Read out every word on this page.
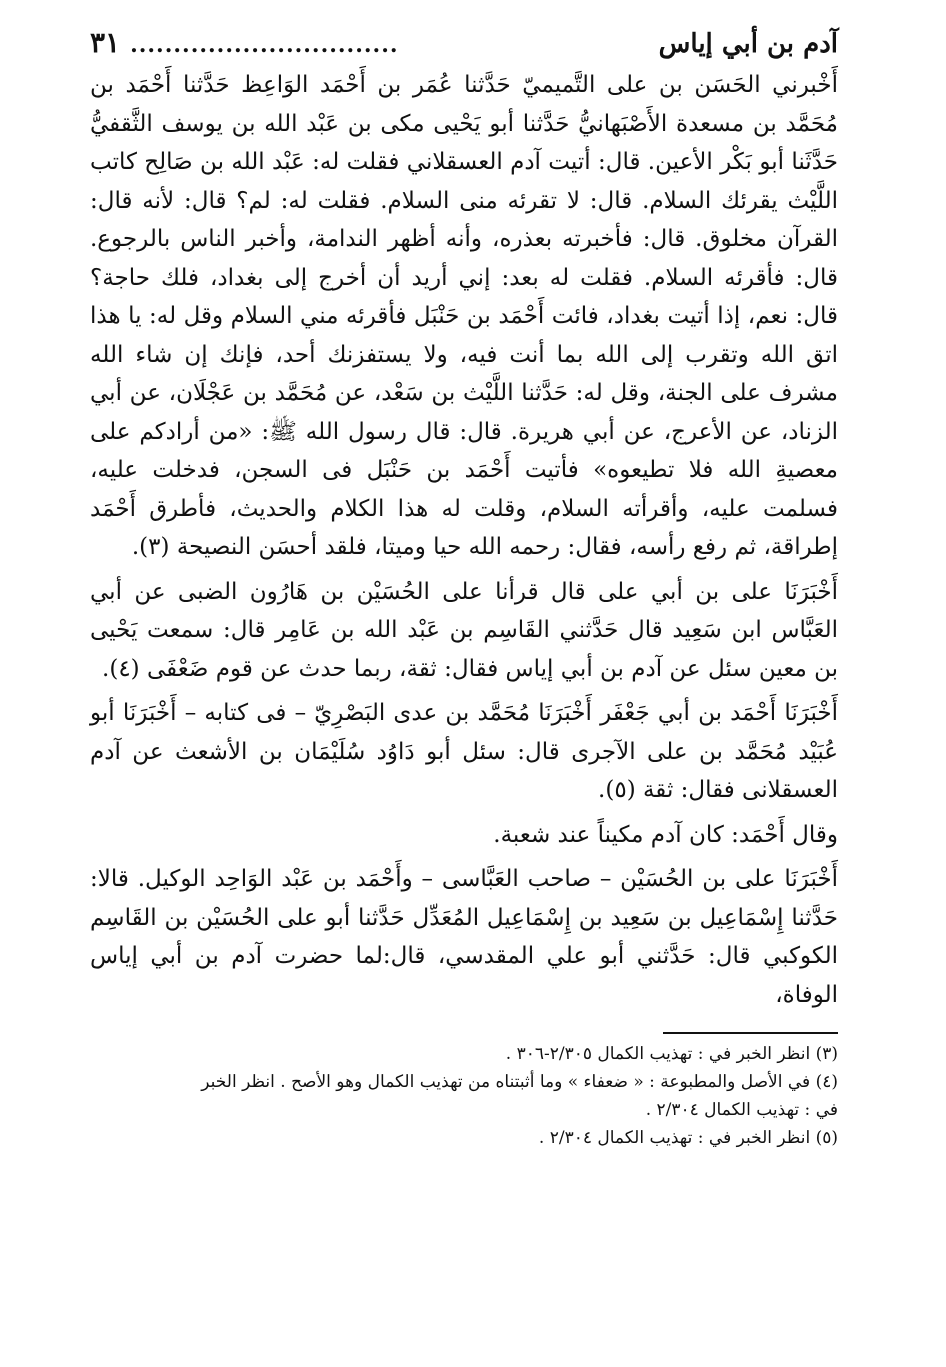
آدم بن أبي إياس
...............................
٣١

أَخْبرني الحَسَن بن على التَّميميّ حَدَّثنا عُمَر بن أَحْمَد الوَاعِظ حَدَّثنا أَحْمَد بن مُحَمَّد بن مسعدة الأَصْبَهانيُّ حَدَّثنا أبو يَحْيى مكى بن عَبْد الله بن يوسف الثَّقفيُّ حَدَّثَنا أبو بَكْر الأعين. قال: أتيت آدم العسقلاني فقلت له: عَبْد الله بن صَالِح كاتب اللَّيْث يقرئك السلام. قال: لا تقرئه منى السلام. فقلت له: لم؟ قال: لأنه قال: القرآن مخلوق. قال: فأخبرته بعذره، وأنه أظهر الندامة، وأخبر الناس بالرجوع. قال: فأقرئه السلام. فقلت له بعد: إني أريد أن أخرج إلى بغداد، فلك حاجة؟ قال: نعم، إذا أتيت بغداد، فائت أَحْمَد بن حَنْبَل فأقرئه مني السلام وقل له: يا هذا اتق الله وتقرب إلى الله بما أنت فيه، ولا يستفزنك أحد، فإنك إن شاء الله مشرف على الجنة، وقل له: حَدَّثنا اللَّيْث بن سَعْد، عن مُحَمَّد بن عَجْلَان، عن أبي الزناد، عن الأعرج، عن أبي هريرة. قال: قال رسول الله ﷺ: «من أرادكم على معصيةِ الله فلا تطيعوه» فأتيت أَحْمَد بن حَنْبَل فى السجن، فدخلت عليه، فسلمت عليه، وأقرأته السلام، وقلت له هذا الكلام والحديث، فأطرق أَحْمَد إطراقة، ثم رفع رأسه، فقال: رحمه الله حيا وميتا، فلقد أحسَن النصيحة (٣).

أَخْبَرَنَا على بن أبي على قال قرأنا على الحُسَيْن بن هَارُون الضبى عن أبي العَبَّاس ابن سَعِيد قال حَدَّثني القَاسِم بن عَبْد الله بن عَامِر قال: سمعت يَحْيى بن معين سئل عن آدم بن أبي إياس فقال: ثقة، ربما حدث عن قوم ضَعْفَى (٤).

أَخْبَرَنَا أَحْمَد بن أبي جَعْفَر أَخْبَرَنَا مُحَمَّد بن عدى البَصْرِيّ – فى كتابه – أَخْبَرَنَا أبو عُبَيْد مُحَمَّد بن على الآجرى قال: سئل أبو دَاوُد سُلَيْمَان بن الأشعث عن آدم العسقلانى فقال: ثقة (٥).

وقال أَحْمَد: كان آدم مكيناً عند شعبة.

أَخْبَرَنَا على بن الحُسَيْن – صاحب العَبَّاسى – وأَحْمَد بن عَبْد الوَاحِد الوكيل. قالا: حَدَّثنا إِسْمَاعِيل بن سَعِيد بن إِسْمَاعِيل المُعَدِّل حَدَّثنا أبو على الحُسَيْن بن القَاسِم الكوكبي قال: حَدَّثني أبو علي المقدسي، قال:لما حضرت آدم بن أبي إياس الوفاة،

(٣) انظر الخبر في : تهذيب الكمال ٢/٣٠٥-٣٠٦ .

(٤) في الأصل والمطبوعة : « ضعفاء » وما أثبتناه من تهذيب الكمال وهو الأصح . انظر الخبر

في : تهذيب الكمال ٢/٣٠٤ .

(٥) انظر الخبر في : تهذيب الكمال ٢/٣٠٤ .
